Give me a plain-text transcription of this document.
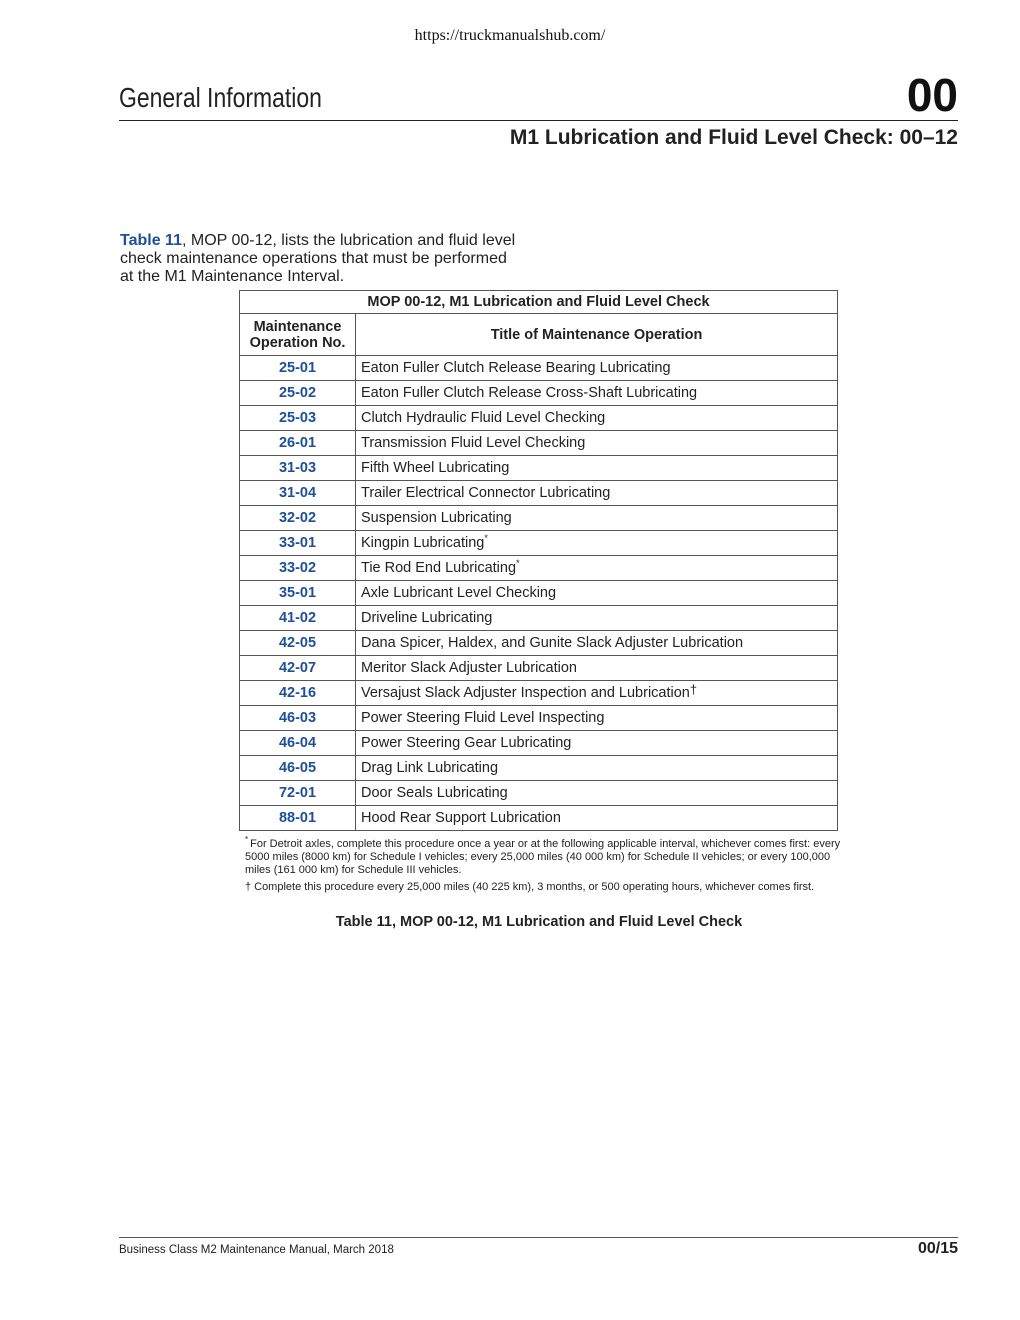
https://truckmanualshub.com/
General Information	00
M1 Lubrication and Fluid Level Check: 00–12

Table 11, MOP 00-12, lists the lubrication and fluid level check maintenance operations that must be performed at the M1 Maintenance Interval.

MOP 00-12, M1 Lubrication and Fluid Level Check	
Maintenance Operation No.	Title of Maintenance Operation
25-01	Eaton Fuller Clutch Release Bearing Lubricating
25-02	Eaton Fuller Clutch Release Cross-Shaft Lubricating
25-03	Clutch Hydraulic Fluid Level Checking
26-01	Transmission Fluid Level Checking
31-03	Fifth Wheel Lubricating
31-04	Trailer Electrical Connector Lubricating
32-02	Suspension Lubricating
33-01	Kingpin Lubricating*
33-02	Tie Rod End Lubricating*
35-01	Axle Lubricant Level Checking
41-02	Driveline Lubricating
42-05	Dana Spicer, Haldex, and Gunite Slack Adjuster Lubrication
42-07	Meritor Slack Adjuster Lubrication
42-16	Versajust Slack Adjuster Inspection and Lubrication†
46-03	Power Steering Fluid Level Inspecting
46-04	Power Steering Gear Lubricating
46-05	Drag Link Lubricating
72-01	Door Seals Lubricating
88-01	Hood Rear Support Lubrication
* For Detroit axles, complete this procedure once a year or at the following applicable interval, whichever comes first: every 5000 miles (8000 km) for Schedule I vehicles; every 25,000 miles (40 000 km) for Schedule II vehicles; or every 100,000 miles (161 000 km) for Schedule III vehicles.
† Complete this procedure every 25,000 miles (40 225 km), 3 months, or 500 operating hours, whichever comes first.
Table 11, MOP 00-12, M1 Lubrication and Fluid Level Check
Business Class M2 Maintenance Manual, March 2018	00/15
